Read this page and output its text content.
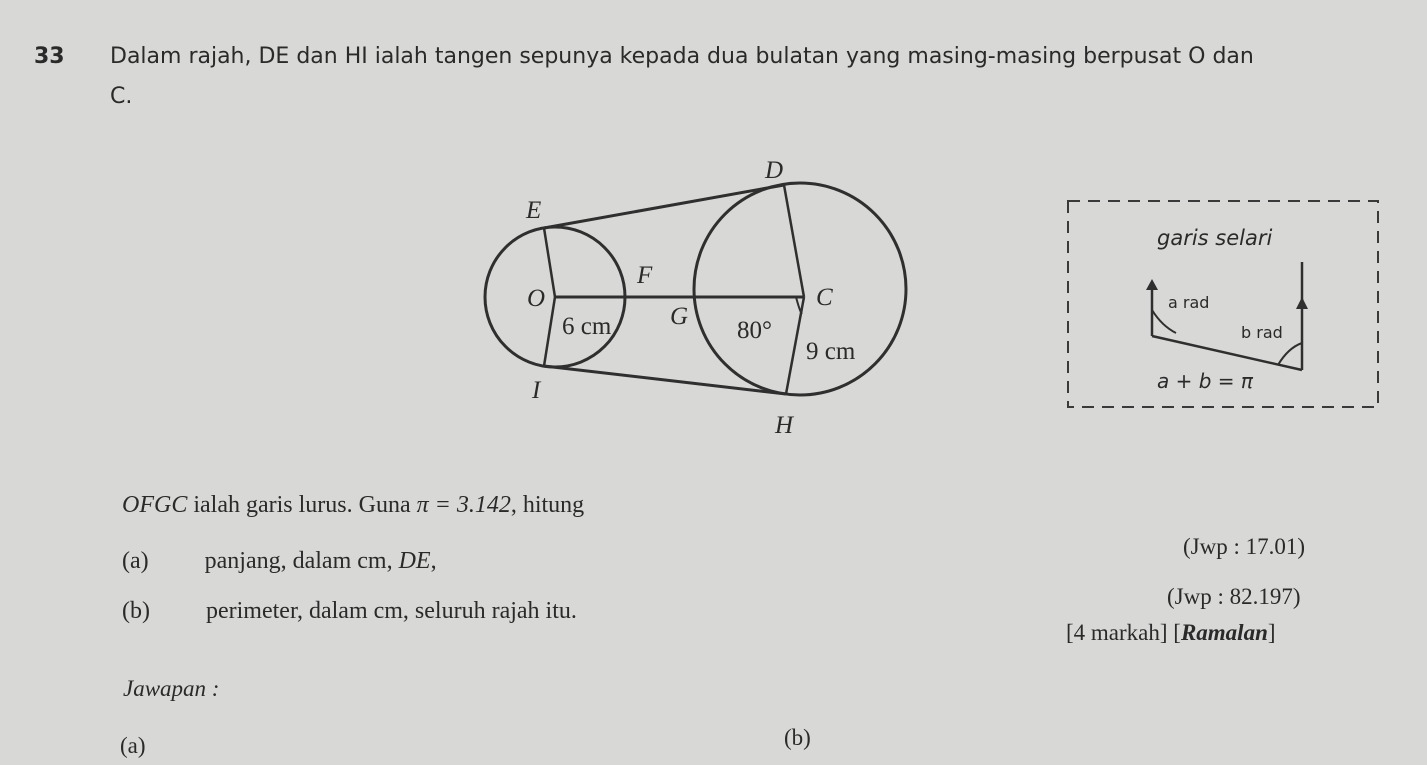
33 Dalam rajah, DE dan HI ialah tangen sepunya kepada dua bulatan yang masing-masing berpusat O dan
C.
D
E
F
O
G
C
I
H
6 cm
9 cm
80°
garis selari
a rad
b rad
a + b = π
OFGC ialah garis lurus. Guna π = 3.142, hitung
(a) panjang, dalam cm, DE,
(Jwp : 17.01)
(b) perimeter, dalam cm, seluruh rajah itu.
(Jwp : 82.197)
[4 markah] [Ramalan]
Jawapan :
(a)	(b)
